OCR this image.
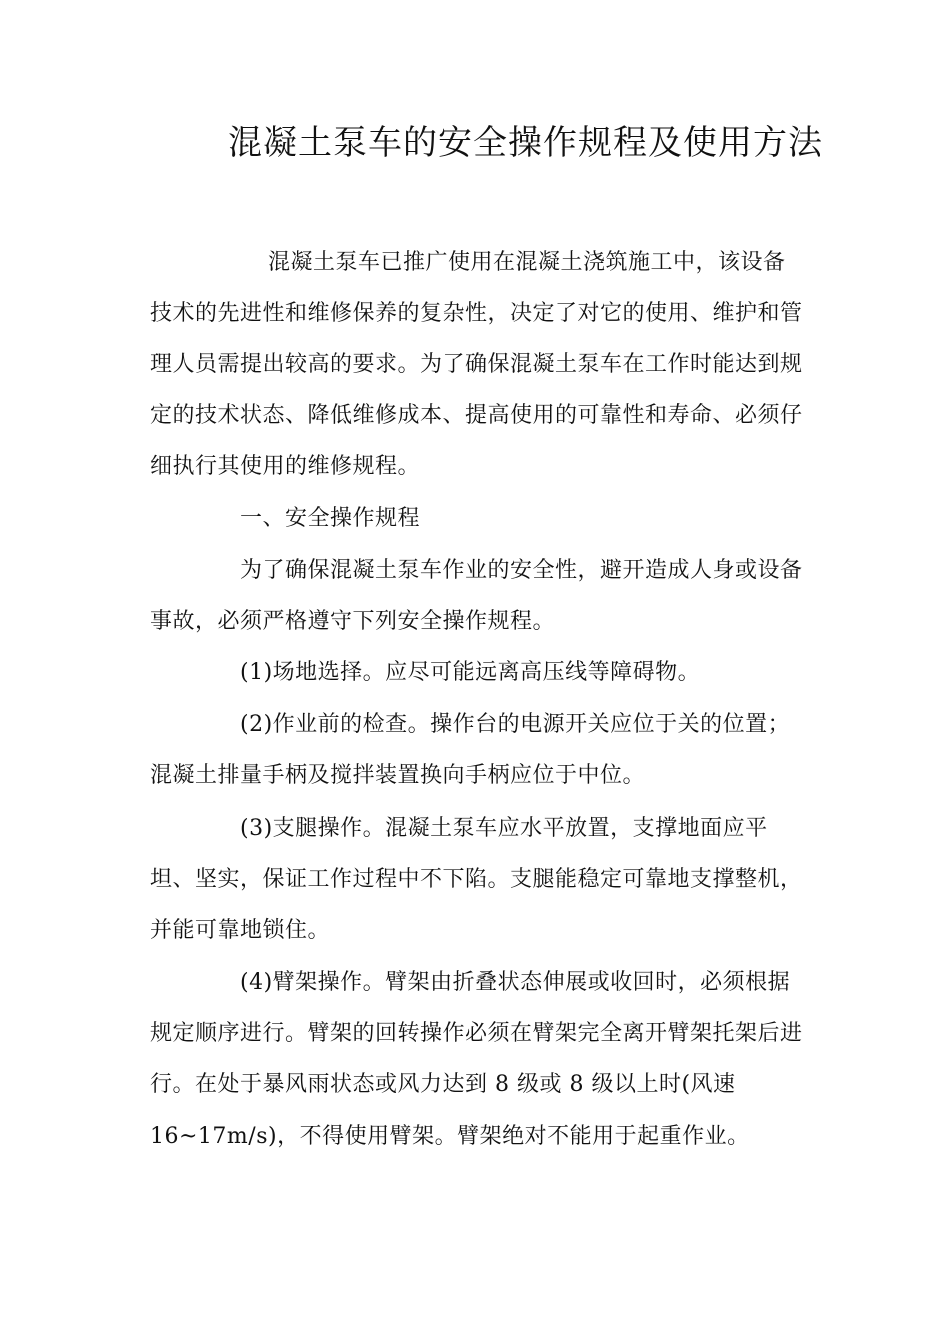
混凝土泵车的安全操作规程及使用方法
混凝土泵车已推广使用在混凝土浇筑施工中，该设备
技术的先进性和维修保养的复杂性，决定了对它的使用、维护和管
理人员需提出较高的要求。为了确保混凝土泵车在工作时能达到规
定的技术状态、降低维修成本、提高使用的可靠性和寿命、必须仔
细执行其使用的维修规程。
一、安全操作规程
为了确保混凝土泵车作业的安全性，避开造成人身或设备
事故，必须严格遵守下列安全操作规程。
(1)场地选择。应尽可能远离高压线等障碍物。
(2)作业前的检查。操作台的电源开关应位于关的位置；
混凝土排量手柄及搅拌装置换向手柄应位于中位。
(3)支腿操作。混凝土泵车应水平放置，支撑地面应平
坦、坚实，保证工作过程中不下陷。支腿能稳定可靠地支撑整机，
并能可靠地锁住。
(4)臂架操作。臂架由折叠状态伸展或收回时，必须根据
规定顺序进行。臂架的回转操作必须在臂架完全离开臂架托架后进
行。在处于暴风雨状态或风力达到 8 级或 8 级以上时(风速
16~17m/s)，不得使用臂架。臂架绝对不能用于起重作业。
